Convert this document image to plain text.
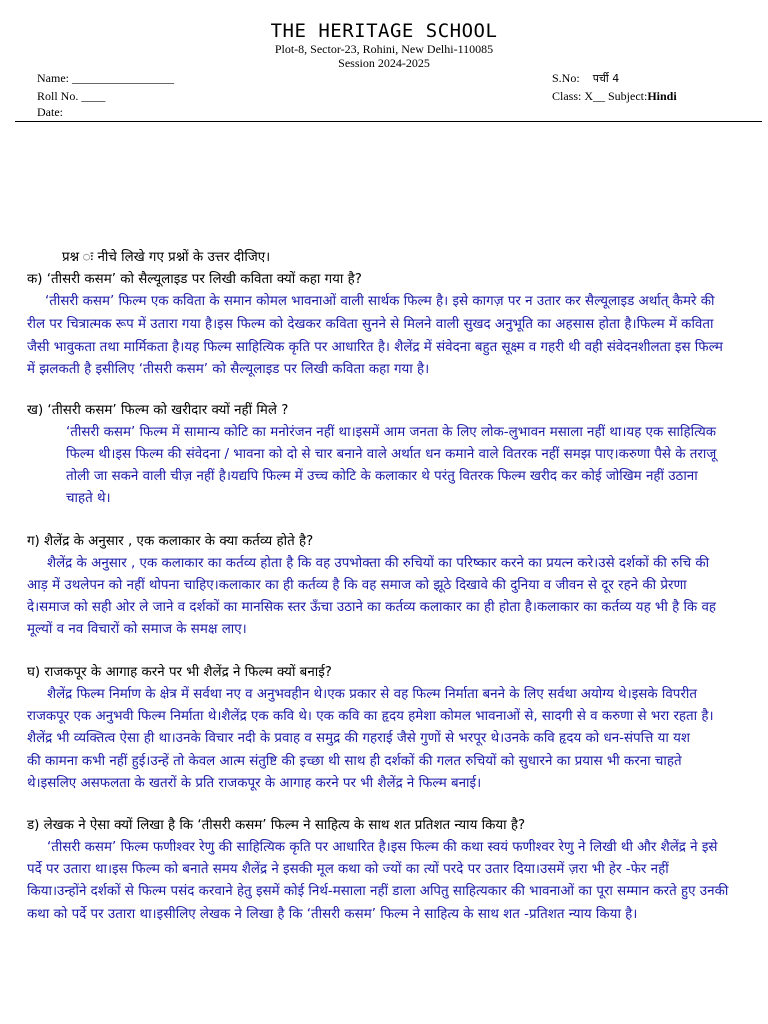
THE HERITAGE SCHOOL
Plot-8, Sector-23, Rohini, New Delhi-110085
Session 2024-2025
Name: _________________
Roll No. ____
Date:
S.No: पर्ची 4
Class: X__ Subject:Hindi
प्रश्न ः नीचे लिखे गए प्रश्नों के उत्तर दीजिए।
क) ‘तीसरी कसम’ को सैल्यूलाइड पर लिखी कविता क्यों कहा गया है?
‘तीसरी कसम’ फिल्म एक कविता के समान कोमल भावनाओं वाली सार्थक फिल्म है। इसे कागज़ पर न उतार कर सैल्यूलाइड अर्थात् कैमरे की
रील पर चित्रात्मक रूप में उतारा गया है।इस फिल्म को देखकर कविता सुनने से मिलने वाली सुखद अनुभूति का अहसास होता है।फिल्म में कविता
जैसी भावुकता तथा मार्मिकता है।यह फिल्म साहित्यिक कृति पर आधारित है। शैलेंद्र में संवेदना बहुत सूक्ष्म व गहरी थी वही संवेदनशीलता इस फिल्म
में झलकती है इसीलिए ‘तीसरी कसम’ को सैल्यूलाइड पर लिखी कविता कहा गया है।
ख) ‘तीसरी कसम’ फिल्म को खरीदार क्यों नहीं मिले ?
‘तीसरी कसम’ फिल्म में सामान्य कोटि का मनोरंजन नहीं था।इसमें आम जनता के लिए लोक-लुभावन मसाला नहीं था।यह एक साहित्यिक
फिल्म थी।इस फिल्म की संवेदना / भावना को दो से चार बनाने वाले अर्थात धन कमाने वाले वितरक नहीं समझ पाए।करुणा पैसे के तराजू
तोली जा सकने वाली चीज़ नहीं है।यद्यपि फिल्म में उच्च कोटि के कलाकार थे परंतु वितरक फिल्म खरीद कर कोई जोखिम नहीं उठाना
चाहते थे।
ग) शैलेंद्र के अनुसार , एक कलाकार के क्या कर्तव्य होते है?
शैलेंद्र के अनुसार , एक कलाकार का कर्तव्य होता है कि वह उपभोक्ता की रुचियों का परिष्कार करने का प्रयत्न करे।उसे दर्शकों की रुचि की
आड़ में उथलेपन को नहीं थोपना चाहिए।कलाकार का ही कर्तव्य है कि वह समाज को झूठे दिखावे की दुनिया व जीवन से दूर रहने की प्रेरणा
दे।समाज को सही ओर ले जाने व दर्शकों का मानसिक स्तर ऊँचा उठाने का कर्तव्य कलाकार का ही होता है।कलाकार का कर्तव्य यह भी है कि वह
मूल्यों व नव विचारों को समाज के समक्ष लाए।
घ) राजकपूर के आगाह करने पर भी शैलेंद्र ने फिल्म क्यों बनाई?
शैलेंद्र फिल्म निर्माण के क्षेत्र में सर्वथा नए व अनुभवहीन थे।एक प्रकार से वह फिल्म निर्माता बनने के लिए सर्वथा अयोग्य थे।इसके विपरीत
राजकपूर एक अनुभवी फिल्म निर्माता थे।शैलेंद्र एक कवि थे। एक कवि का हृदय हमेशा कोमल भावनाओं से, सादगी से व करुणा से भरा रहता है।
शैलेंद्र भी व्यक्तित्व ऐसा ही था।उनके विचार नदी के प्रवाह व समुद्र की गहराई जैसे गुणों से भरपूर थे।उनके कवि हृदय को धन-संपत्ति या यश
की कामना कभी नहीं हुई।उन्हें तो केवल आत्म संतुष्टि की इच्छा थी साथ ही दर्शकों की गलत रुचियों को सुधारने का प्रयास भी करना चाहते
थे।इसलिए असफलता के खतरों के प्रति राजकपूर के आगाह करने पर भी शैलेंद्र ने फिल्म बनाई।
ड) लेखक ने ऐसा क्यों लिखा है कि ‘तीसरी कसम’ फिल्म ने साहित्य के साथ शत प्रतिशत न्याय किया है?
‘तीसरी कसम’ फिल्म फणीश्वर रेणु की साहित्यिक कृति पर आधारित है।इस फिल्म की कथा स्वयं फणीश्वर रेणु ने लिखी थी और शैलेंद्र ने इसे
पर्दे पर उतारा था।इस फिल्म को बनाते समय शैलेंद्र ने इसकी मूल कथा को ज्यों का त्यों परदे पर उतार दिया।उसमें ज़रा भी हेर -फेर नहीं
किया।उन्होंने दर्शकों से फिल्म पसंद करवाने हेतु इसमें कोई निर्थ-मसाला नहीं डाला अपितु साहित्यकार की भावनाओं का पूरा सम्मान करते हुए उनकी
कथा को पर्दे पर उतारा था।इसीलिए लेखक ने लिखा है कि ‘तीसरी कसम’ फिल्म ने साहित्य के साथ शत -प्रतिशत न्याय किया है।
